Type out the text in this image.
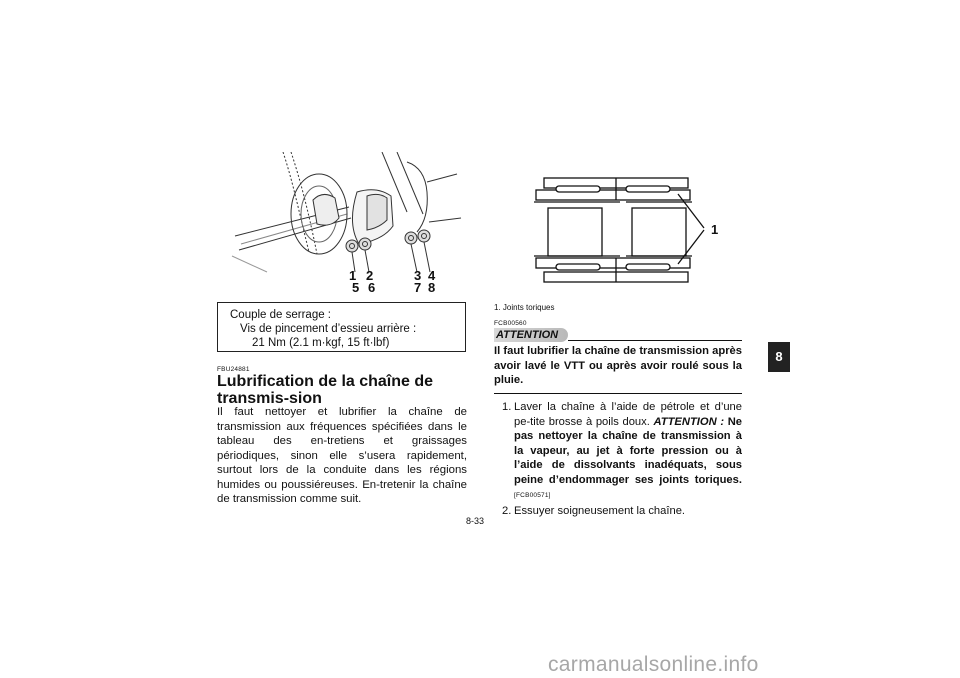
1 2	3 4
5 6	7 8
Couple de serrage :
Vis de pincement d’essieu arrière :
21 Nm (2.1 m·kgf, 15 ft·lbf)
FBU24881
Lubrification de la chaîne de transmis-sion
Il faut nettoyer et lubrifier la chaîne de transmission aux fréquences spécifiées dans le tableau des en-tretiens et graissages périodiques, sinon elle s’usera rapidement, surtout lors de la conduite dans les régions humides ou poussiéreuses. En-tretenir la chaîne de transmission comme suit.
1
1. Joints toriques
FCB00560
ATTENTION
Il faut lubrifier la chaîne de transmission après avoir lavé le VTT ou après avoir roulé sous la pluie.
1. Laver la chaîne à l’aide de pétrole et d’une pe-tite brosse à poils doux. ATTENTION : Ne pas nettoyer la chaîne de transmission à la vapeur, au jet à forte pression ou à l’aide de dissolvants inadéquats, sous peine d’endommager ses joints toriques.[FCB00571]
2. Essuyer soigneusement la chaîne.
8-33
8
carmanualsonline.info
